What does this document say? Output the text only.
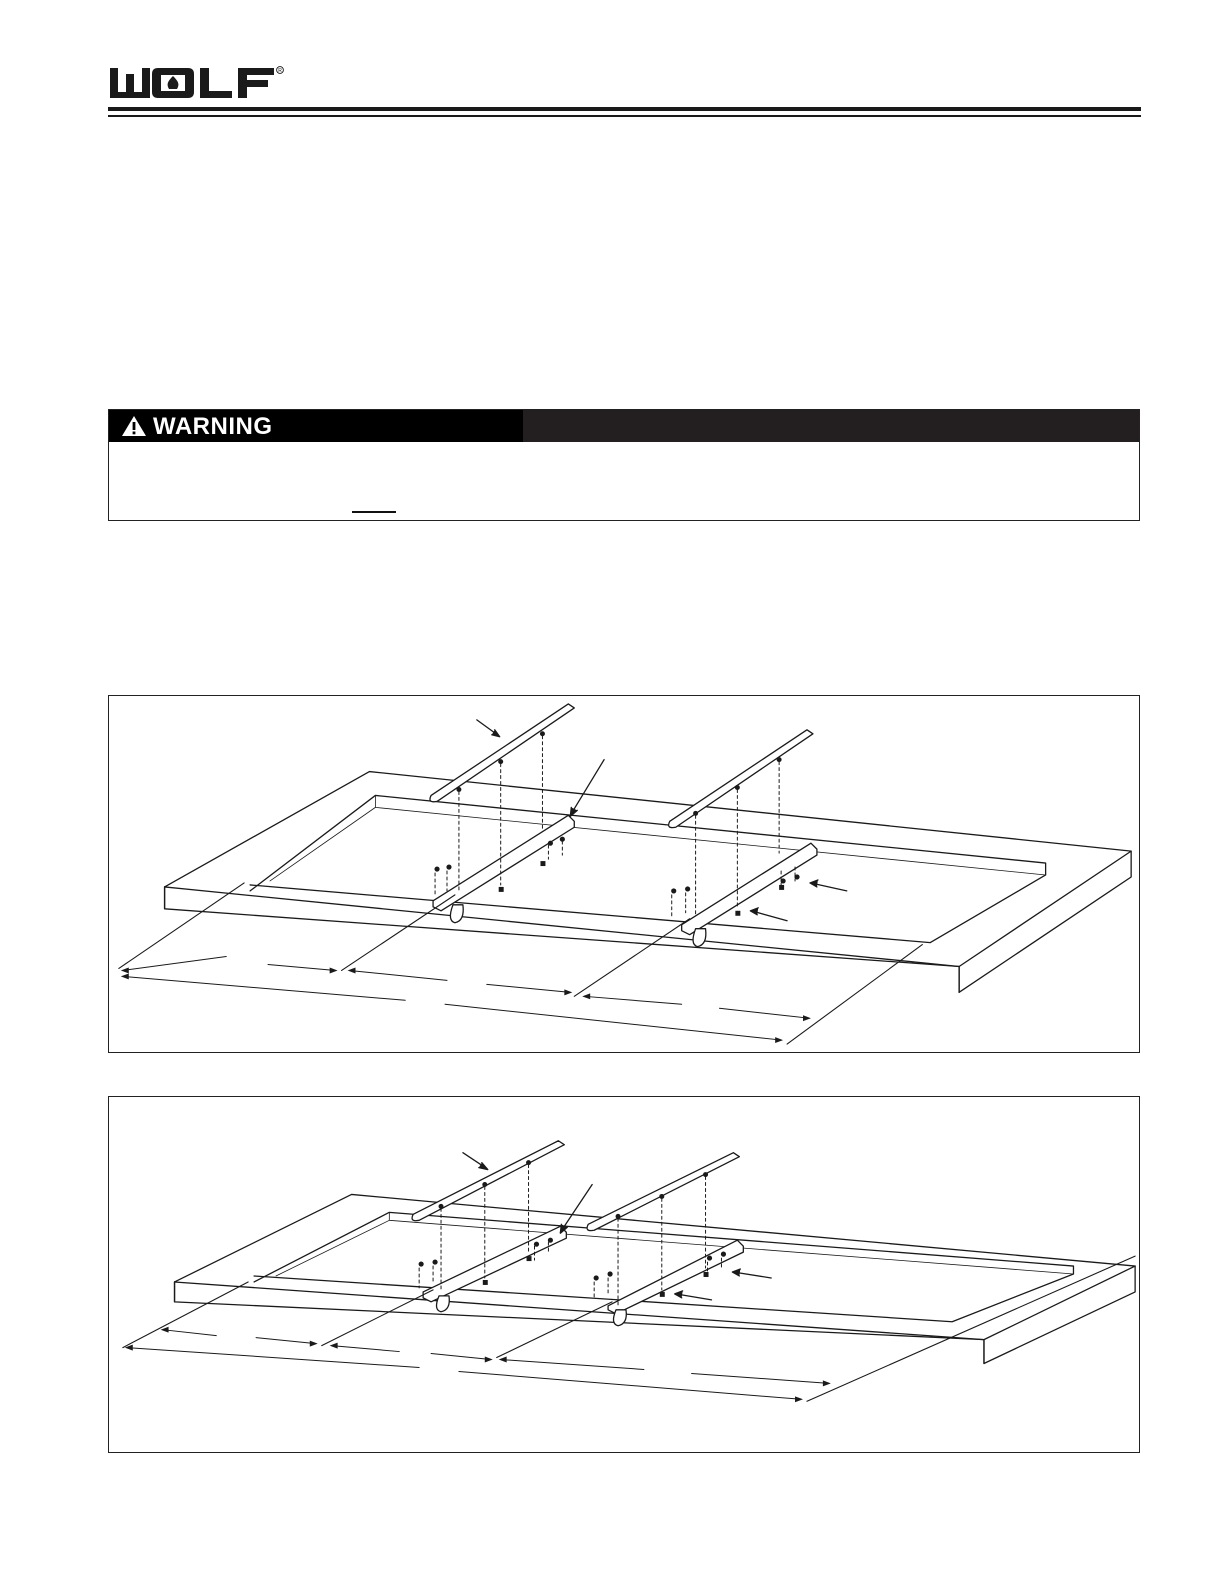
R
WARNING
